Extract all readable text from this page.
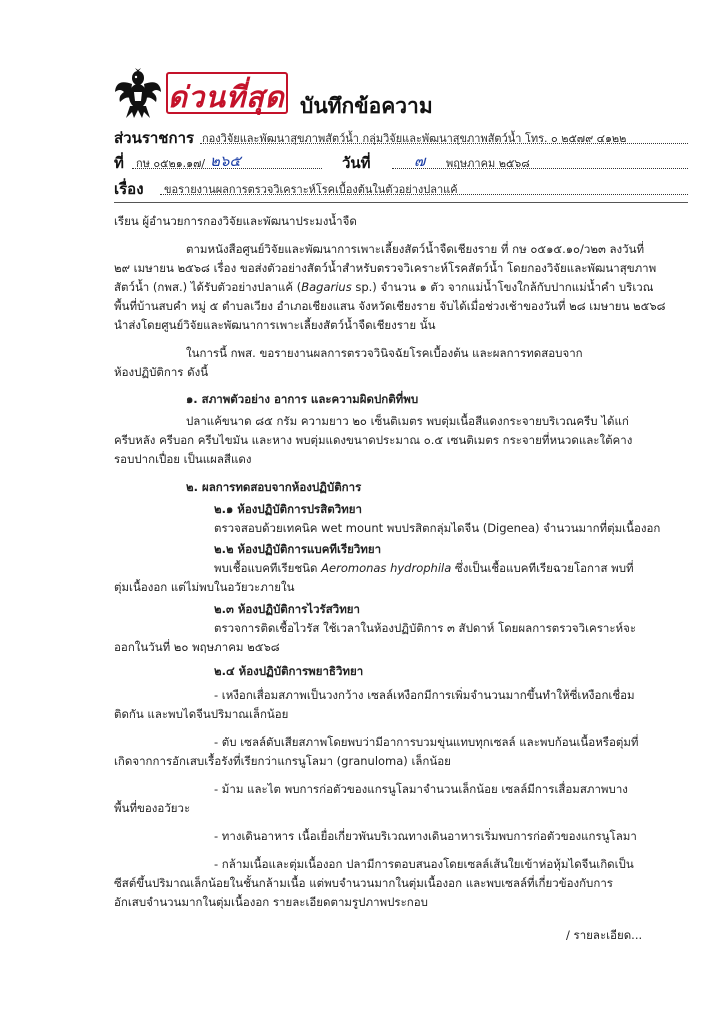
ด่วนที่สุด บันทึกข้อความ
ส่วนราชการ กองวิจัยและพัฒนาสุขภาพสัตว์น้ำ กลุ่มวิจัยและพัฒนาสุขภาพสัตว์น้ำ โทร. ๐ ๒๕๗๙ ๔๑๒๒
ที่ กษ ๐๕๒๑.๑๗/ ๒๖๕	วันที่	๗ พฤษภาคม ๒๕๖๘
เรื่อง ขอรายงานผลการตรวจวิเคราะห์โรคเบื้องต้นในตัวอย่างปลาแค้
เรียน ผู้อำนวยการกองวิจัยและพัฒนาประมงน้ำจืด
ตามหนังสือศูนย์วิจัยและพัฒนาการเพาะเลี้ยงสัตว์น้ำจืดเชียงราย ที่ กษ ๐๕๑๕.๑๐/ว๒๓ ลงวันที่
๒๙ เมษายน ๒๕๖๘ เรื่อง ขอส่งตัวอย่างสัตว์น้ำสำหรับตรวจวิเคราะห์โรคสัตว์น้ำ โดยกองวิจัยและพัฒนาสุขภาพ
สัตว์น้ำ (กพส.) ได้รับตัวอย่างปลาแค้ (Bagarius sp.) จำนวน ๑ ตัว จากแม่น้ำโขงใกล้กับปากแม่น้ำคำ บริเวณ
พื้นที่บ้านสบคำ หมู่ ๕ ตำบลเวียง อำเภอเชียงแสน จังหวัดเชียงราย จับได้เมื่อช่วงเช้าของวันที่ ๒๘ เมษายน ๒๕๖๘
นำส่งโดยศูนย์วิจัยและพัฒนาการเพาะเลี้ยงสัตว์น้ำจืดเชียงราย นั้น
ในการนี้ กพส. ขอรายงานผลการตรวจวินิจฉัยโรคเบื้องต้น และผลการทดสอบจาก
ห้องปฏิบัติการ ดังนี้
๑. สภาพตัวอย่าง อาการ และความผิดปกติที่พบ
ปลาแค้ขนาด ๘๕ กรัม ความยาว ๒๐ เซ็นติเมตร พบตุ่มเนื้อสีแดงกระจายบริเวณครีบ ได้แก่
ครีบหลัง ครีบอก ครีบไขมัน และหาง พบตุ่มแดงขนาดประมาณ ๐.๕ เซนติเมตร กระจายที่หนวดและใต้คาง
รอบปากเปื่อย เป็นแผลสีแดง
๒. ผลการทดสอบจากห้องปฏิบัติการ
๒.๑ ห้องปฏิบัติการปรสิตวิทยา
ตรวจสอบด้วยเทคนิค wet mount พบปรสิตกลุ่มไดจีน (Digenea) จำนวนมากที่ตุ่มเนื้องอก
๒.๒ ห้องปฏิบัติการแบคทีเรียวิทยา
พบเชื้อแบคทีเรียชนิด Aeromonas hydrophila ซึ่งเป็นเชื้อแบคทีเรียฉวยโอกาส พบที่
ตุ่มเนื้องอก แต่ไม่พบในอวัยวะภายใน
๒.๓ ห้องปฏิบัติการไวรัสวิทยา
ตรวจการติดเชื้อไวรัส ใช้เวลาในห้องปฏิบัติการ ๓ สัปดาห์ โดยผลการตรวจวิเคราะห์จะ
ออกในวันที่ ๒๐ พฤษภาคม ๒๕๖๘
๒.๔ ห้องปฏิบัติการพยาธิวิทยา
- เหงือกเสื่อมสภาพเป็นวงกว้าง เซลล์เหงือกมีการเพิ่มจำนวนมากขึ้นทำให้ซี่เหงือกเชื่อม
ติดกัน และพบไดจีนปริมาณเล็กน้อย
- ตับ เซลล์ตับเสียสภาพโดยพบว่ามีอาการบวมขุ่นแทบทุกเซลล์ และพบก้อนเนื้อหรือตุ่มที่
เกิดจากการอักเสบเรื้อรังที่เรียกว่าแกรนูโลมา (granuloma) เล็กน้อย
- ม้าม และไต พบการก่อตัวของแกรนูโลมาจำนวนเล็กน้อย เซลล์มีการเสื่อมสภาพบาง
พื้นที่ของอวัยวะ
- ทางเดินอาหาร เนื้อเยื่อเกี่ยวพันบริเวณทางเดินอาหารเริ่มพบการก่อตัวของแกรนูโลมา
- กล้ามเนื้อและตุ่มเนื้องอก ปลามีการตอบสนองโดยเซลล์เส้นใยเข้าห่อหุ้มไดจีนเกิดเป็น
ซีสต์ขึ้นปริมาณเล็กน้อยในชั้นกล้ามเนื้อ แต่พบจำนวนมากในตุ่มเนื้องอก และพบเซลล์ที่เกี่ยวข้องกับการ
อักเสบจำนวนมากในตุ่มเนื้องอก รายละเอียดตามรูปภาพประกอบ
/ รายละเอียด...
